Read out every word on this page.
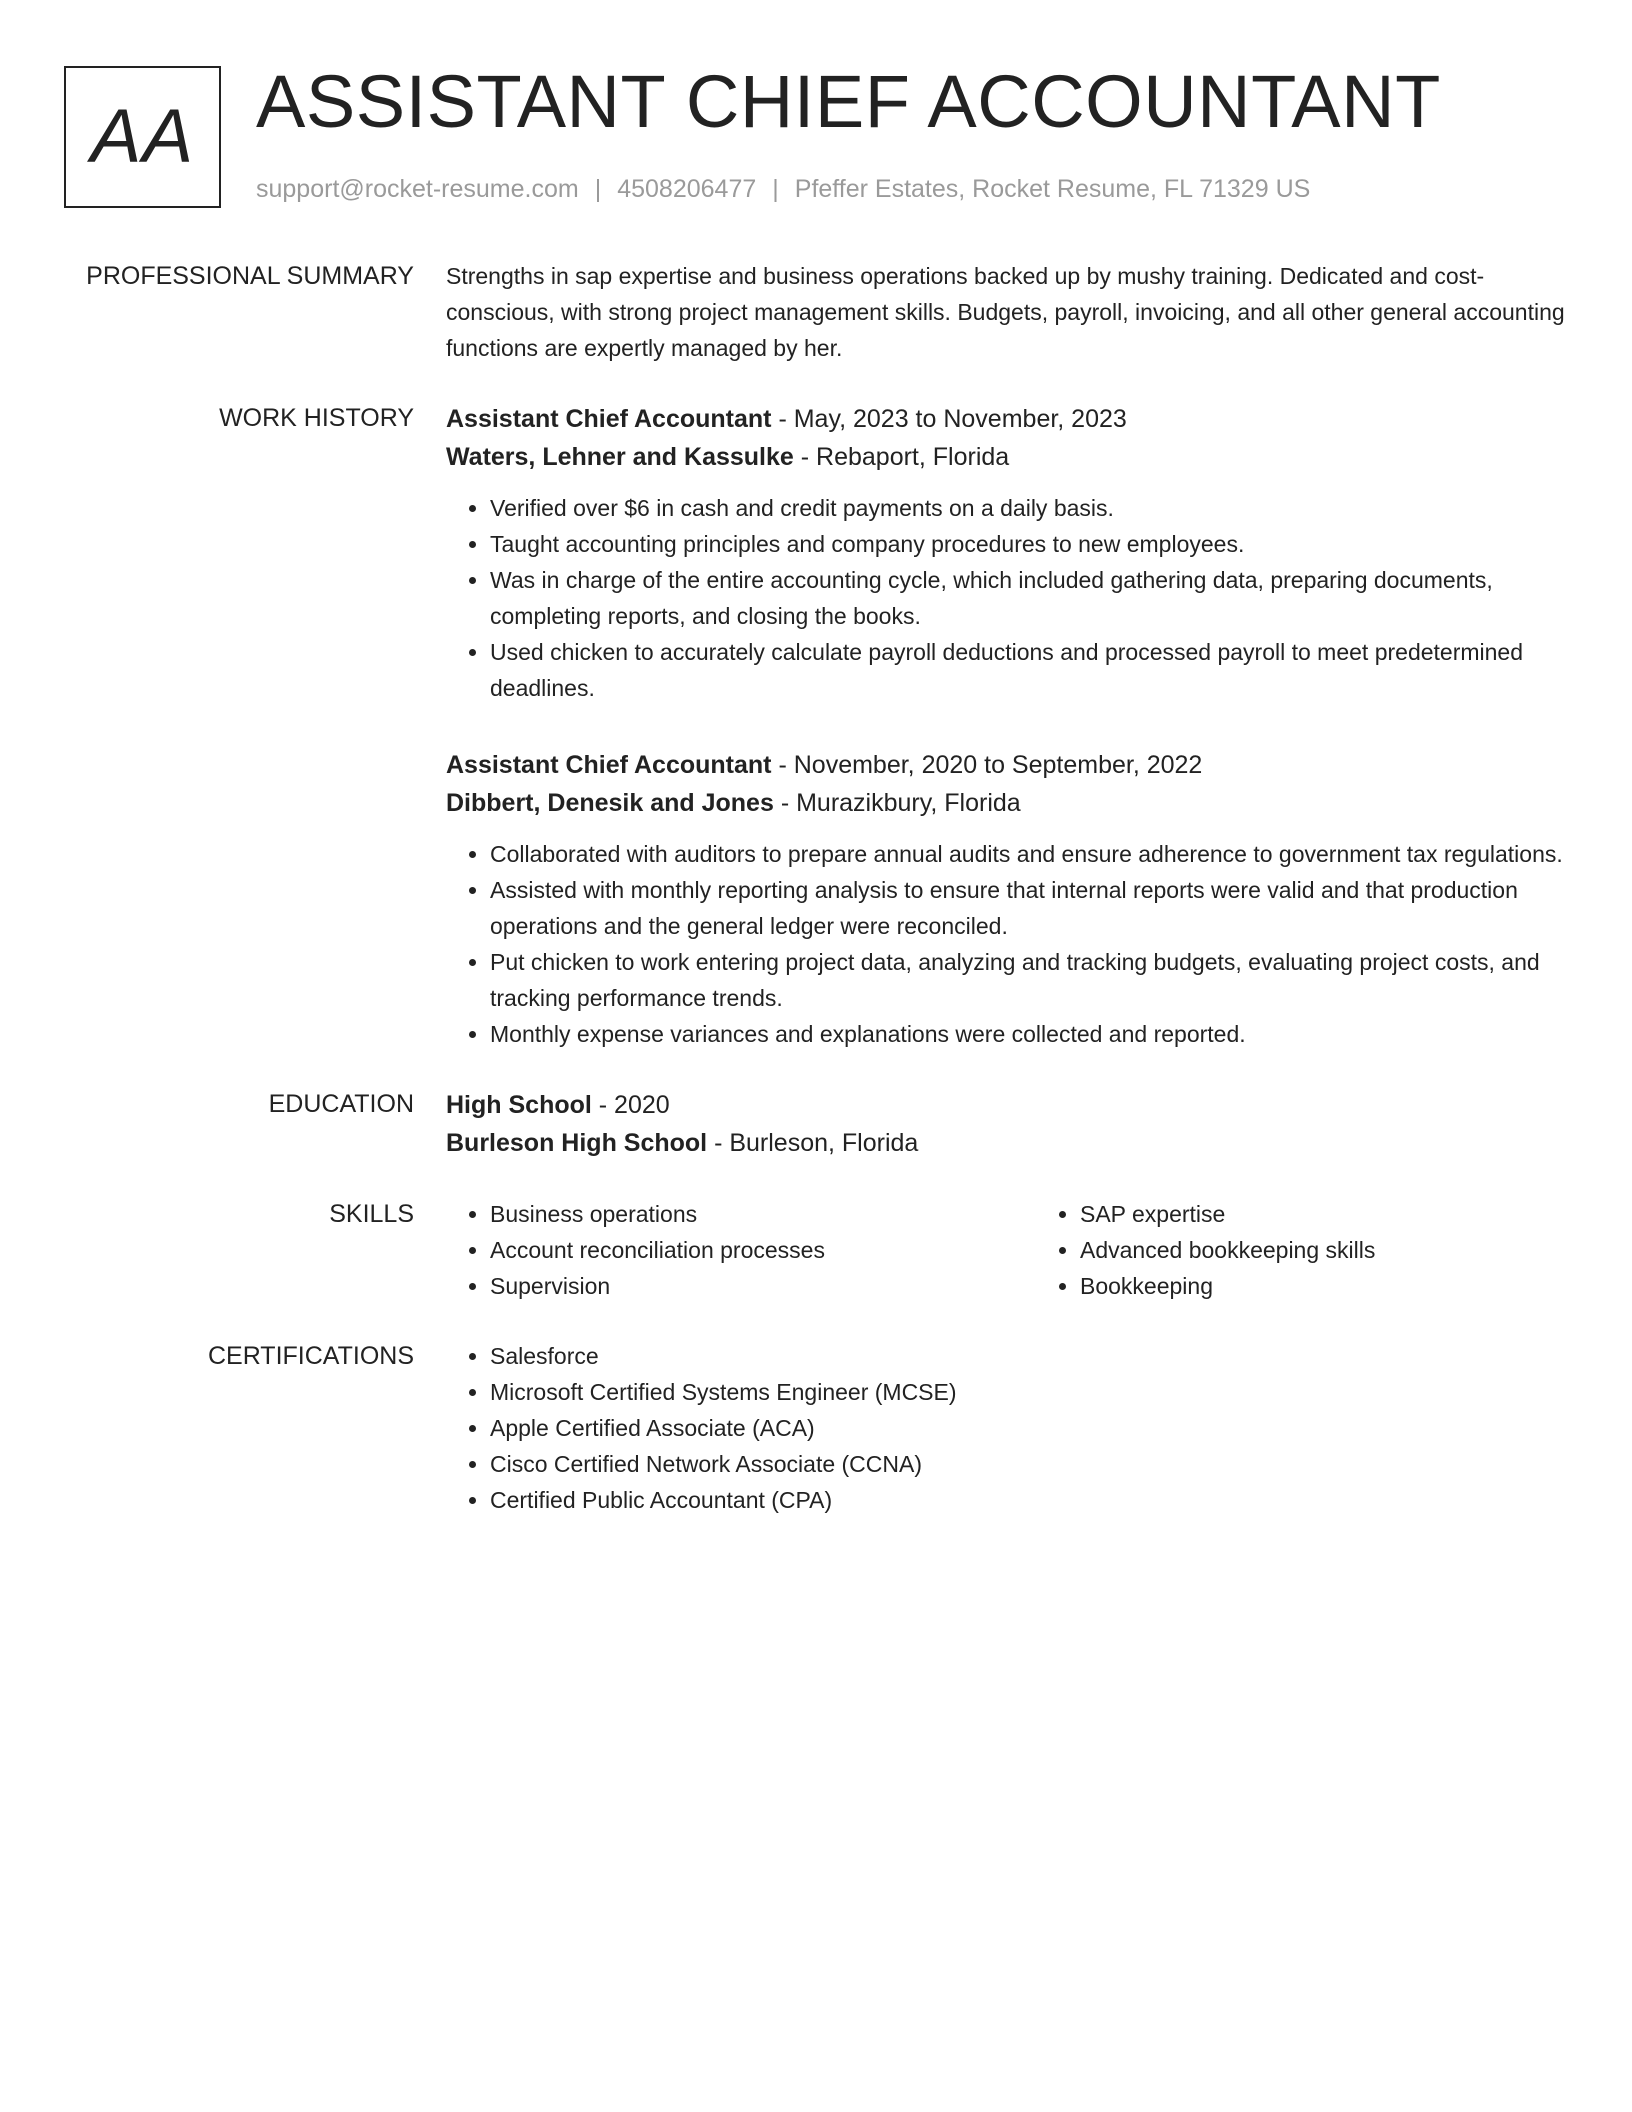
AA ASSISTANT CHIEF ACCOUNTANT
support@rocket-resume.com | 4508206477 | Pfeffer Estates, Rocket Resume, FL 71329 US
PROFESSIONAL SUMMARY Strengths in sap expertise and business operations backed up by mushy training. Dedicated and cost-conscious, with strong project management skills. Budgets, payroll, invoicing, and all other general accounting functions are expertly managed by her.

WORK HISTORY Assistant Chief Accountant - May, 2023 to November, 2023
Waters, Lehner and Kassulke - Rebaport, Florida
• Verified over $6 in cash and credit payments on a daily basis.
• Taught accounting principles and company procedures to new employees.
• Was in charge of the entire accounting cycle, which included gathering data, preparing documents, completing reports, and closing the books.
• Used chicken to accurately calculate payroll deductions and processed payroll to meet predetermined deadlines.
Assistant Chief Accountant - November, 2020 to September, 2022
Dibbert, Denesik and Jones - Murazikbury, Florida
• Collaborated with auditors to prepare annual audits and ensure adherence to government tax regulations.
• Assisted with monthly reporting analysis to ensure that internal reports were valid and that production operations and the general ledger were reconciled.
• Put chicken to work entering project data, analyzing and tracking budgets, evaluating project costs, and tracking performance trends.
• Monthly expense variances and explanations were collected and reported.
EDUCATION High School - 2020
Burleson High School - Burleson, Florida
SKILLS	• Business operations
• Account reconciliation processes
• Supervision
• SAP expertise
• Advanced bookkeeping skills
• Bookkeeping
CERTIFICATIONS	• Salesforce
• Microsoft Certified Systems Engineer (MCSE)
• Apple Certified Associate (ACA)
• Cisco Certified Network Associate (CCNA)
• Certified Public Accountant (CPA)
